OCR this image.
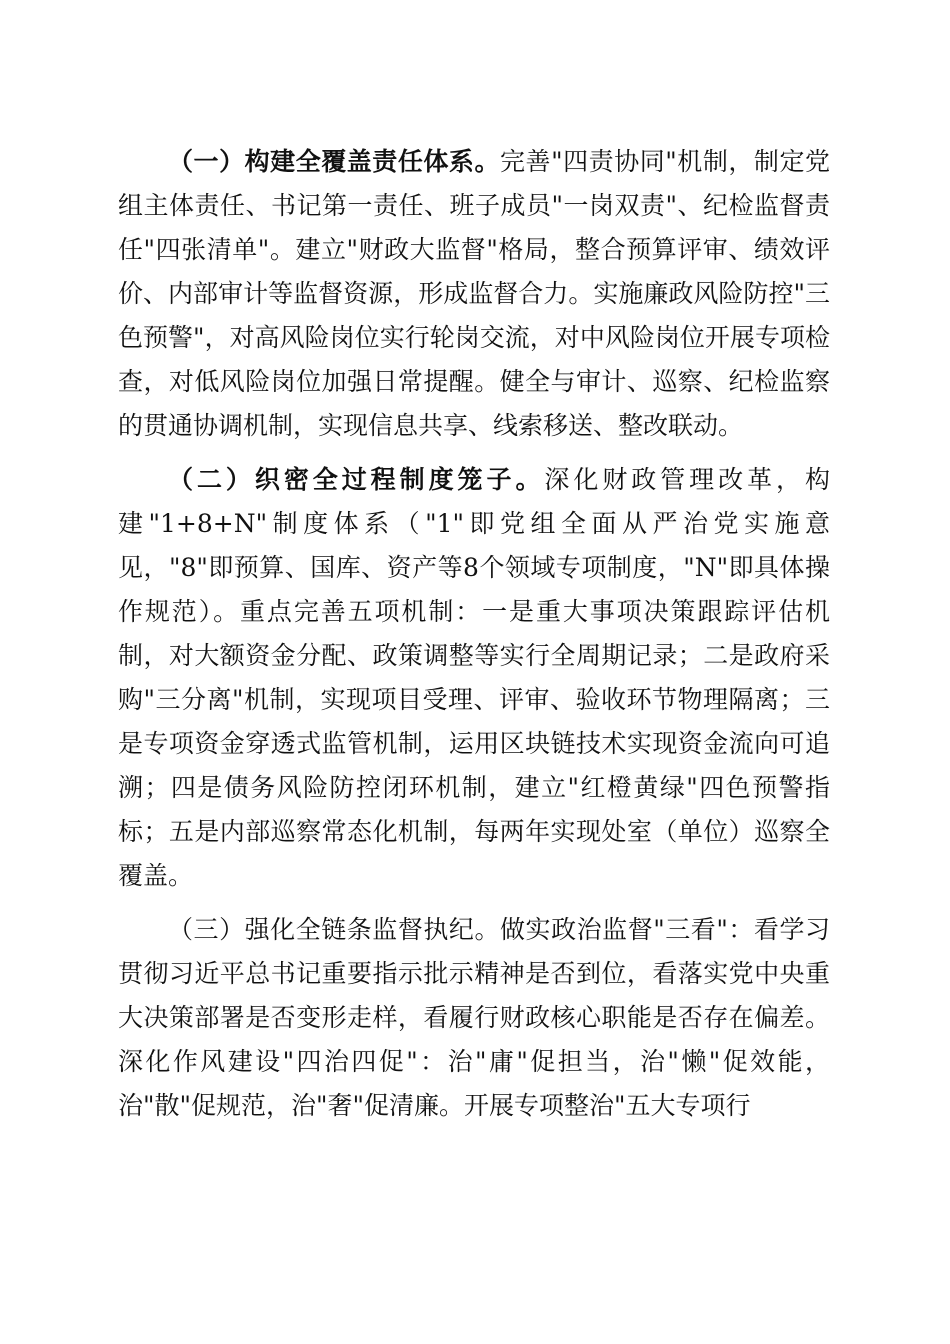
（一）构建全覆盖责任体系。完善"四责协同"机制，制定党组主体责任、书记第一责任、班子成员"一岗双责"、纪检监督责任"四张清单"。建立"财政大监督"格局，整合预算评审、绩效评价、内部审计等监督资源，形成监督合力。实施廉政风险防控"三色预警"，对高风险岗位实行轮岗交流，对中风险岗位开展专项检查，对低风险岗位加强日常提醒。健全与审计、巡察、纪检监察的贯通协调机制，实现信息共享、线索移送、整改联动。

（二）织密全过程制度笼子。深化财政管理改革，构建"1+8+N"制度体系（"1"即党组全面从严治党实施意见，"8"即预算、国库、资产等8个领域专项制度，"N"即具体操作规范）。重点完善五项机制：一是重大事项决策跟踪评估机制，对大额资金分配、政策调整等实行全周期记录；二是政府采购"三分离"机制，实现项目受理、评审、验收环节物理隔离；三是专项资金穿透式监管机制，运用区块链技术实现资金流向可追溯；四是债务风险防控闭环机制，建立"红橙黄绿"四色预警指标；五是内部巡察常态化机制，每两年实现处室（单位）巡察全覆盖。

（三）强化全链条监督执纪。做实政治监督"三看"：看学习贯彻习近平总书记重要指示批示精神是否到位，看落实党中央重大决策部署是否变形走样，看履行财政核心职能是否存在偏差。深化作风建设"四治四促"：治"庸"促担当，治"懒"促效能，治"散"促规范，治"奢"促清廉。开展专项整治"五大专项行
